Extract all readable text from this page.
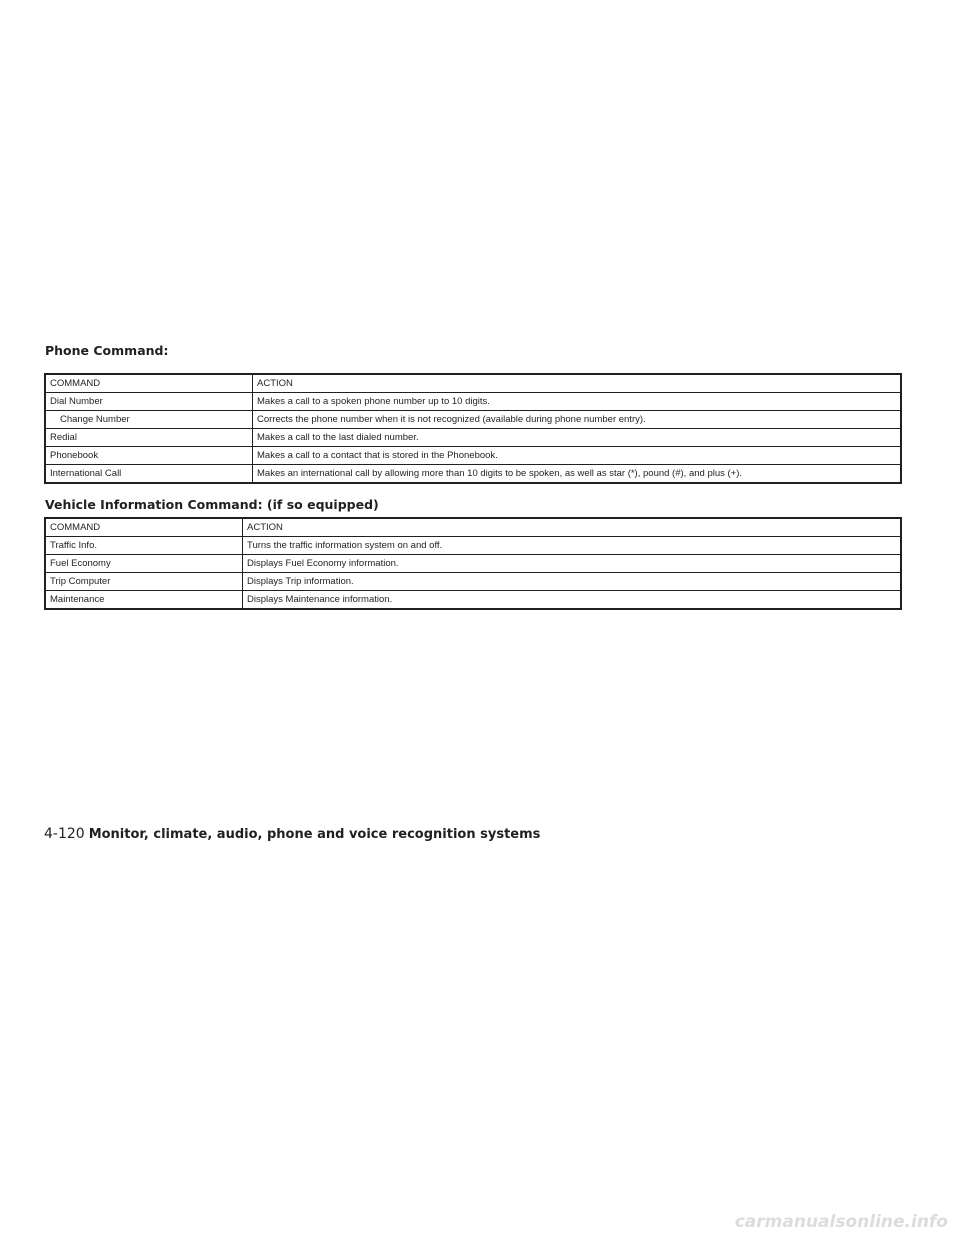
Phone Command:
COMMAND	ACTION
Dial Number	Makes a call to a spoken phone number up to 10 digits.
Change Number	Corrects the phone number when it is not recognized (available during phone number entry).
Redial	Makes a call to the last dialed number.
Phonebook	Makes a call to a contact that is stored in the Phonebook.
International Call	Makes an international call by allowing more than 10 digits to be spoken, as well as star (*), pound (#), and plus (+).
Vehicle Information Command: (if so equipped)
COMMAND	ACTION
Traffic Info.	Turns the traffic information system on and off.
Fuel Economy	Displays Fuel Economy information.
Trip Computer	Displays Trip information.
Maintenance	Displays Maintenance information.
4-120 Monitor, climate, audio, phone and voice recognition systems
carmanualsonline.info
